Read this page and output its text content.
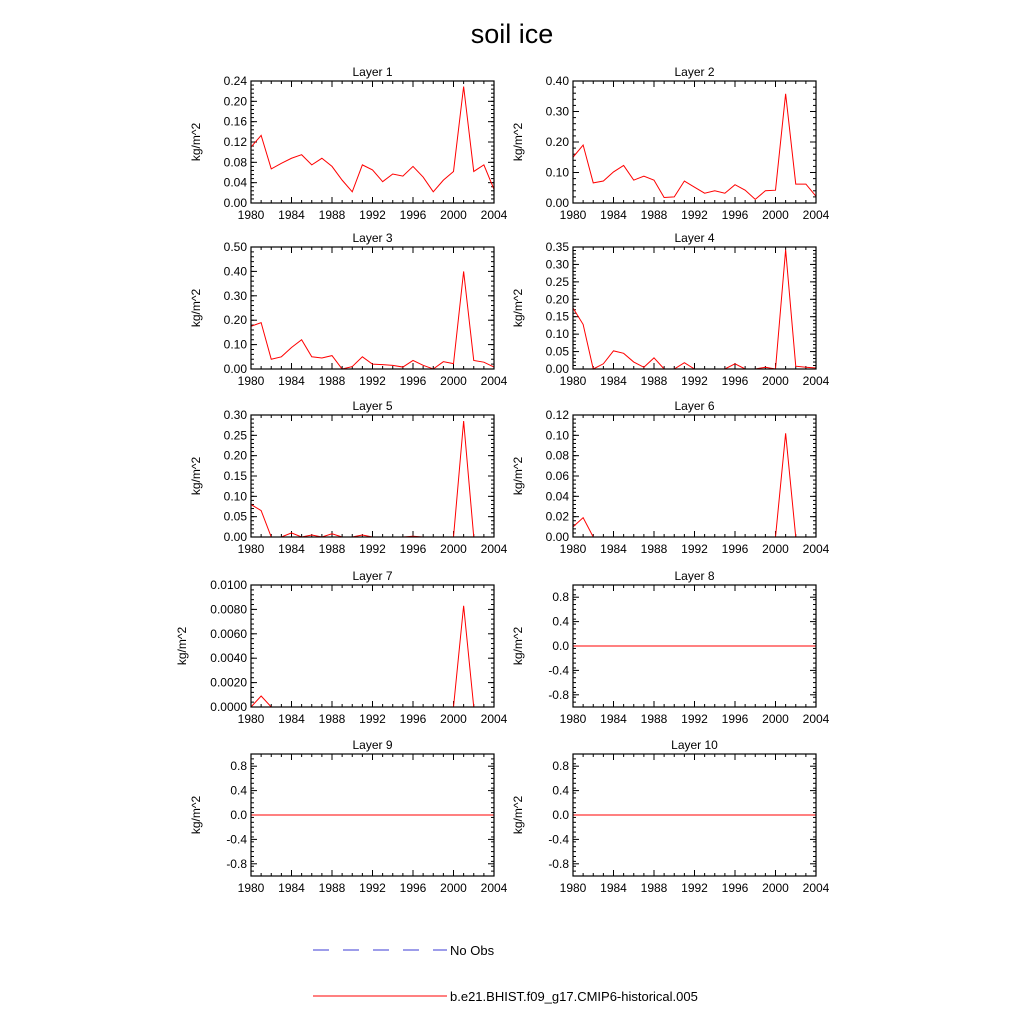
soil ice
Layer 1
kg/m^2
1980 1984 1988 1992 1996 2000 2004
0.00
0.04
0.08
0.12
0.16
0.20
0.24
Layer 2
kg/m^2
1980 1984 1988 1992 1996 2000 2004
0.00
0.10
0.20
0.30
0.40
Layer 3
kg/m^2
1980 1984 1988 1992 1996 2000 2004
0.00
0.10
0.20
0.30
0.40
0.50
Layer 4
kg/m^2
1980 1984 1988 1992 1996 2000 2004
0.00
0.05
0.10
0.15
0.20
0.25
0.30
0.35
Layer 5
kg/m^2
1980 1984 1988 1992 1996 2000 2004
0.00
0.05
0.10
0.15
0.20
0.25
0.30
Layer 6
kg/m^2
1980 1984 1988 1992 1996 2000 2004
0.00
0.02
0.04
0.06
0.08
0.10
0.12
Layer 7
kg/m^2
1980 1984 1988 1992 1996 2000 2004
0.0000
0.0020
0.0040
0.0060
0.0080
0.0100
Layer 8
kg/m^2
1980 1984 1988 1992 1996 2000 2004
-0.8
-0.4
0.0
0.4
0.8
Layer 9
kg/m^2
1980 1984 1988 1992 1996 2000 2004
-0.8
-0.4
0.0
0.4
0.8
Layer 10
kg/m^2
1980 1984 1988 1992 1996 2000 2004
-0.8
-0.4
0.0
0.4
0.8
No Obs
b.e21.BHIST.f09_g17.CMIP6-historical.005
